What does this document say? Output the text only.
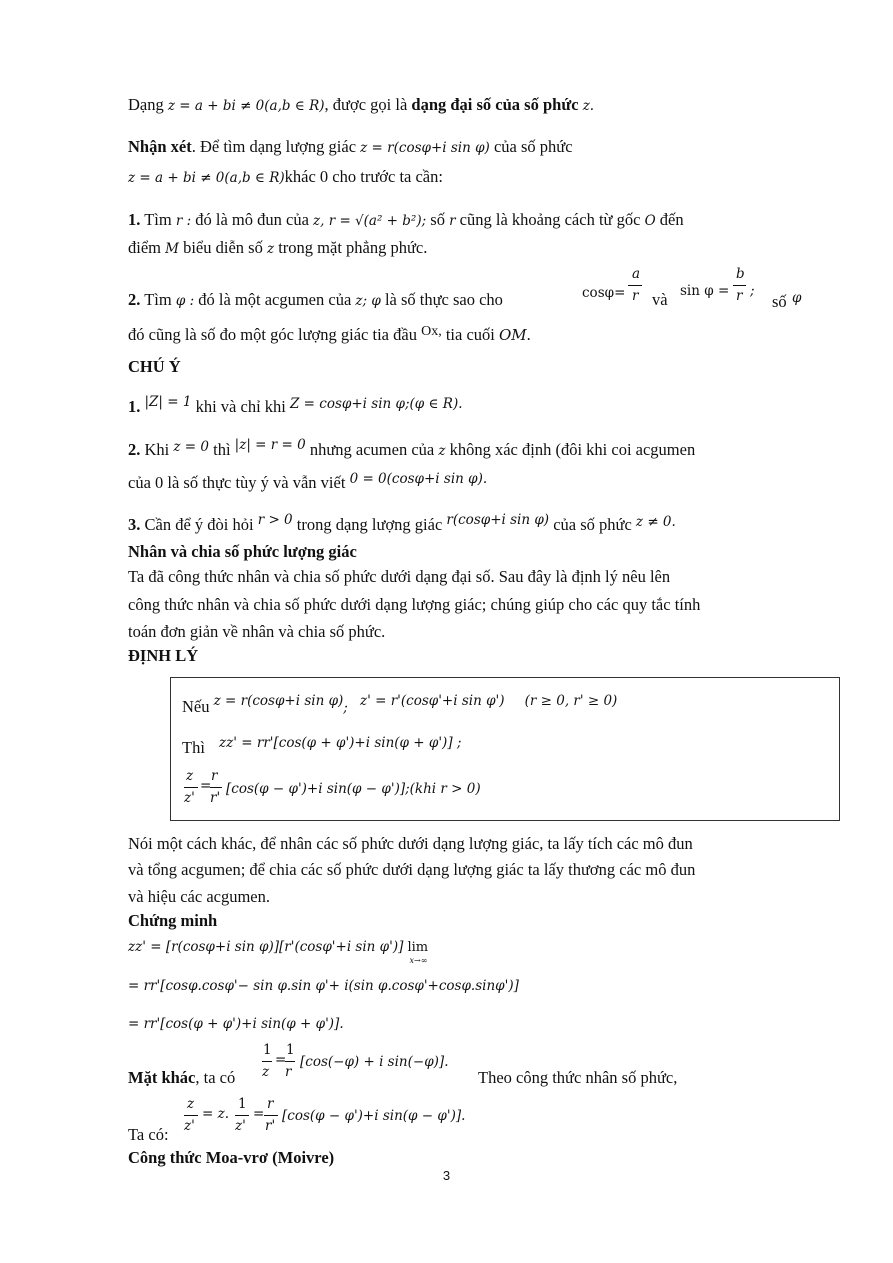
Dạng z = a + bi ≠ 0(a,b ∈ R), được gọi là dạng đại số của số phức z.
Nhận xét. Để tìm dạng lượng giác z = r(cosφ+i sin φ) của số phức
z = a + bi ≠ 0(a,b ∈ R)khác 0 cho trước ta cần:
1. Tìm r : đó là mô đun của z, r = √(a² + b²); số r cũng là khoảng cách từ gốc O đến
điểm M biểu diễn số z trong mặt phẳng phức.
2. Tìm φ : đó là một acgumen của z; φ là số thực sao cho	cosφ=
a
r và sin φ =
b
r ;
số φ
đó cũng là số đo một góc lượng giác tia đầu $^{Ox,}$ tia cuối OM.
CHÚ Ý
1. $^{|Z| = 1}$ khi và chỉ khi $^{Z = cos\varphi+i sin \varphi;(\varphi \in R).}$
2. Khi $^{z = 0}$ thì $^{|z| = r = 0}$ nhưng acumen của z không xác định (đôi khi coi acgumen
của 0 là số thực tùy ý và vẫn viết $^{0 = 0(cos\varphi+i sin \varphi).}$
3. Cần để ý đòi hỏi $^{r > 0}$ trong dạng lượng giác $^{r(cos\varphi+i sin \varphi)}$ của số phức $^{z \ne 0.}$
Nhân và chia số phức lượng giác
Ta đã công thức nhân và chia số phức dưới dạng đại số. Sau đây là định lý nêu lên
công thức nhân và chia số phức dưới dạng lượng giác; chúng giúp cho các quy tắc tính
toán đơn giản về nhân và chia số phức.
ĐỊNH LÝ
Nếu $^{z = r(cos\varphi+i sin \varphi)}$; $^{z' = r'(cos\varphi'+i sin \varphi')}$ $^{(r \ge 0, r' \ge 0)}$
Thì $^{zz' = rr'[cos(\varphi + \varphi')+i sin(\varphi + \varphi')] ;}$
z
z'
=
r
r'
[cos(φ − φ')+i sin(φ − φ')];(khi r > 0)
Nói một cách khác, để nhân các số phức dưới dạng lượng giác, ta lấy tích các mô đun
và tổng acgumen; để chia các số phức dưới dạng lượng giác ta lấy thương các mô đun
và hiệu các acgumen.
Chứng minh
zz' = [r(cosφ+i sin φ)][r'(cosφ'+i sin φ')] lim
x→∞
= rr'[cosφ.cosφ'− sin φ.sin φ'+ i(sin φ.cosφ'+cosφ.sinφ')]
= rr'[cos(φ + φ')+i sin(φ + φ')].
Mặt khác, ta có
1
z
=
1
r
[cos(−φ) + i sin(−φ)].
Theo công thức nhân số phức,
Ta có:
z
z'
= z.
1
z'
=
r
r'
[cos(φ − φ')+i sin(φ − φ')].
Công thức Moa-vrơ (Moivre)
3
